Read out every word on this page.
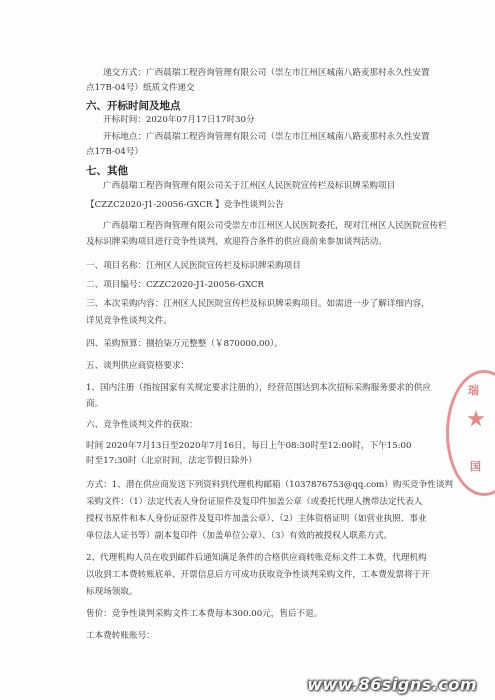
递交方式：广西晨瑞工程咨询管理有限公司（崇左市江州区城南八路麦那村永久性安置
点17B-04号）纸质文件递交
六、开标时间及地点
开标时间：2020年07月17日17时30分
开标地点：广西晨瑞工程咨询管理有限公司（崇左市江州区城南八路麦那村永久性安置
点17B-04号）
七、其他
广西晨瑞工程咨询管理有限公司关于江州区人民医院宣传栏及标识牌采购项目
【CZZC2020-J1-20056-GXCR 】竞争性谈判公告
广西晨瑞工程咨询管理有限公司受崇左市江州区人民医院委托，现对江州区人民医院宣传栏
及标识牌采购项目进行竞争性谈判，欢迎符合条件的供应商前来参加谈判活动。
一、项目名称：江州区人民医院宣传栏及标识牌采购项目
二、项目编号：CZZC2020-J1-20056-GXCR
三、本次采购内容：江州区人民医院宣传栏及标识牌采购项目。如需进一步了解详细内容，
详见竞争性谈判文件。
四、采购预算：捌拾柒万元整整（￥870000.00）。
五、谈判供应商资格要求：
1、国内注册（指按国家有关规定要求注册的），经营范围达到本次招标采购服务要求的供应
商。
六、竞争性谈判文件的获取：
时间 2020年7月13日至2020年7月16日，每日上午08:30时至12:00时，下午15:00
时至17:30时（北京时间，法定节假日除外）
方式：1、潜在供应商发送下列资料到代理机构邮箱（1037876753@qq.com）购买竞争性谈判
采购文件：（1）法定代表人身份证原件及复印件加盖公章（或委托代理人携带法定代表人
授权书原件和本人身份证原件及复印件加盖公章）、（2）主体资格证明（如营业执照、事业
单位法人证书等）副本复印件（加盖单位公章）、（3）有效的被授权人联系方式。
2、代理机构人员在收到邮件后通知满足条件的合格供应商转账竞标文件工本费，代理机构
以收到工本费转账底单、开票信息后方可成功获取竞争性谈判采购文件，工本费发票将于开
标现场领取。
售价：竞争性谈判采购文件工本费每本300.00元，售后不退。
工本费转账账号：
瑞
国
www.86signs.com
